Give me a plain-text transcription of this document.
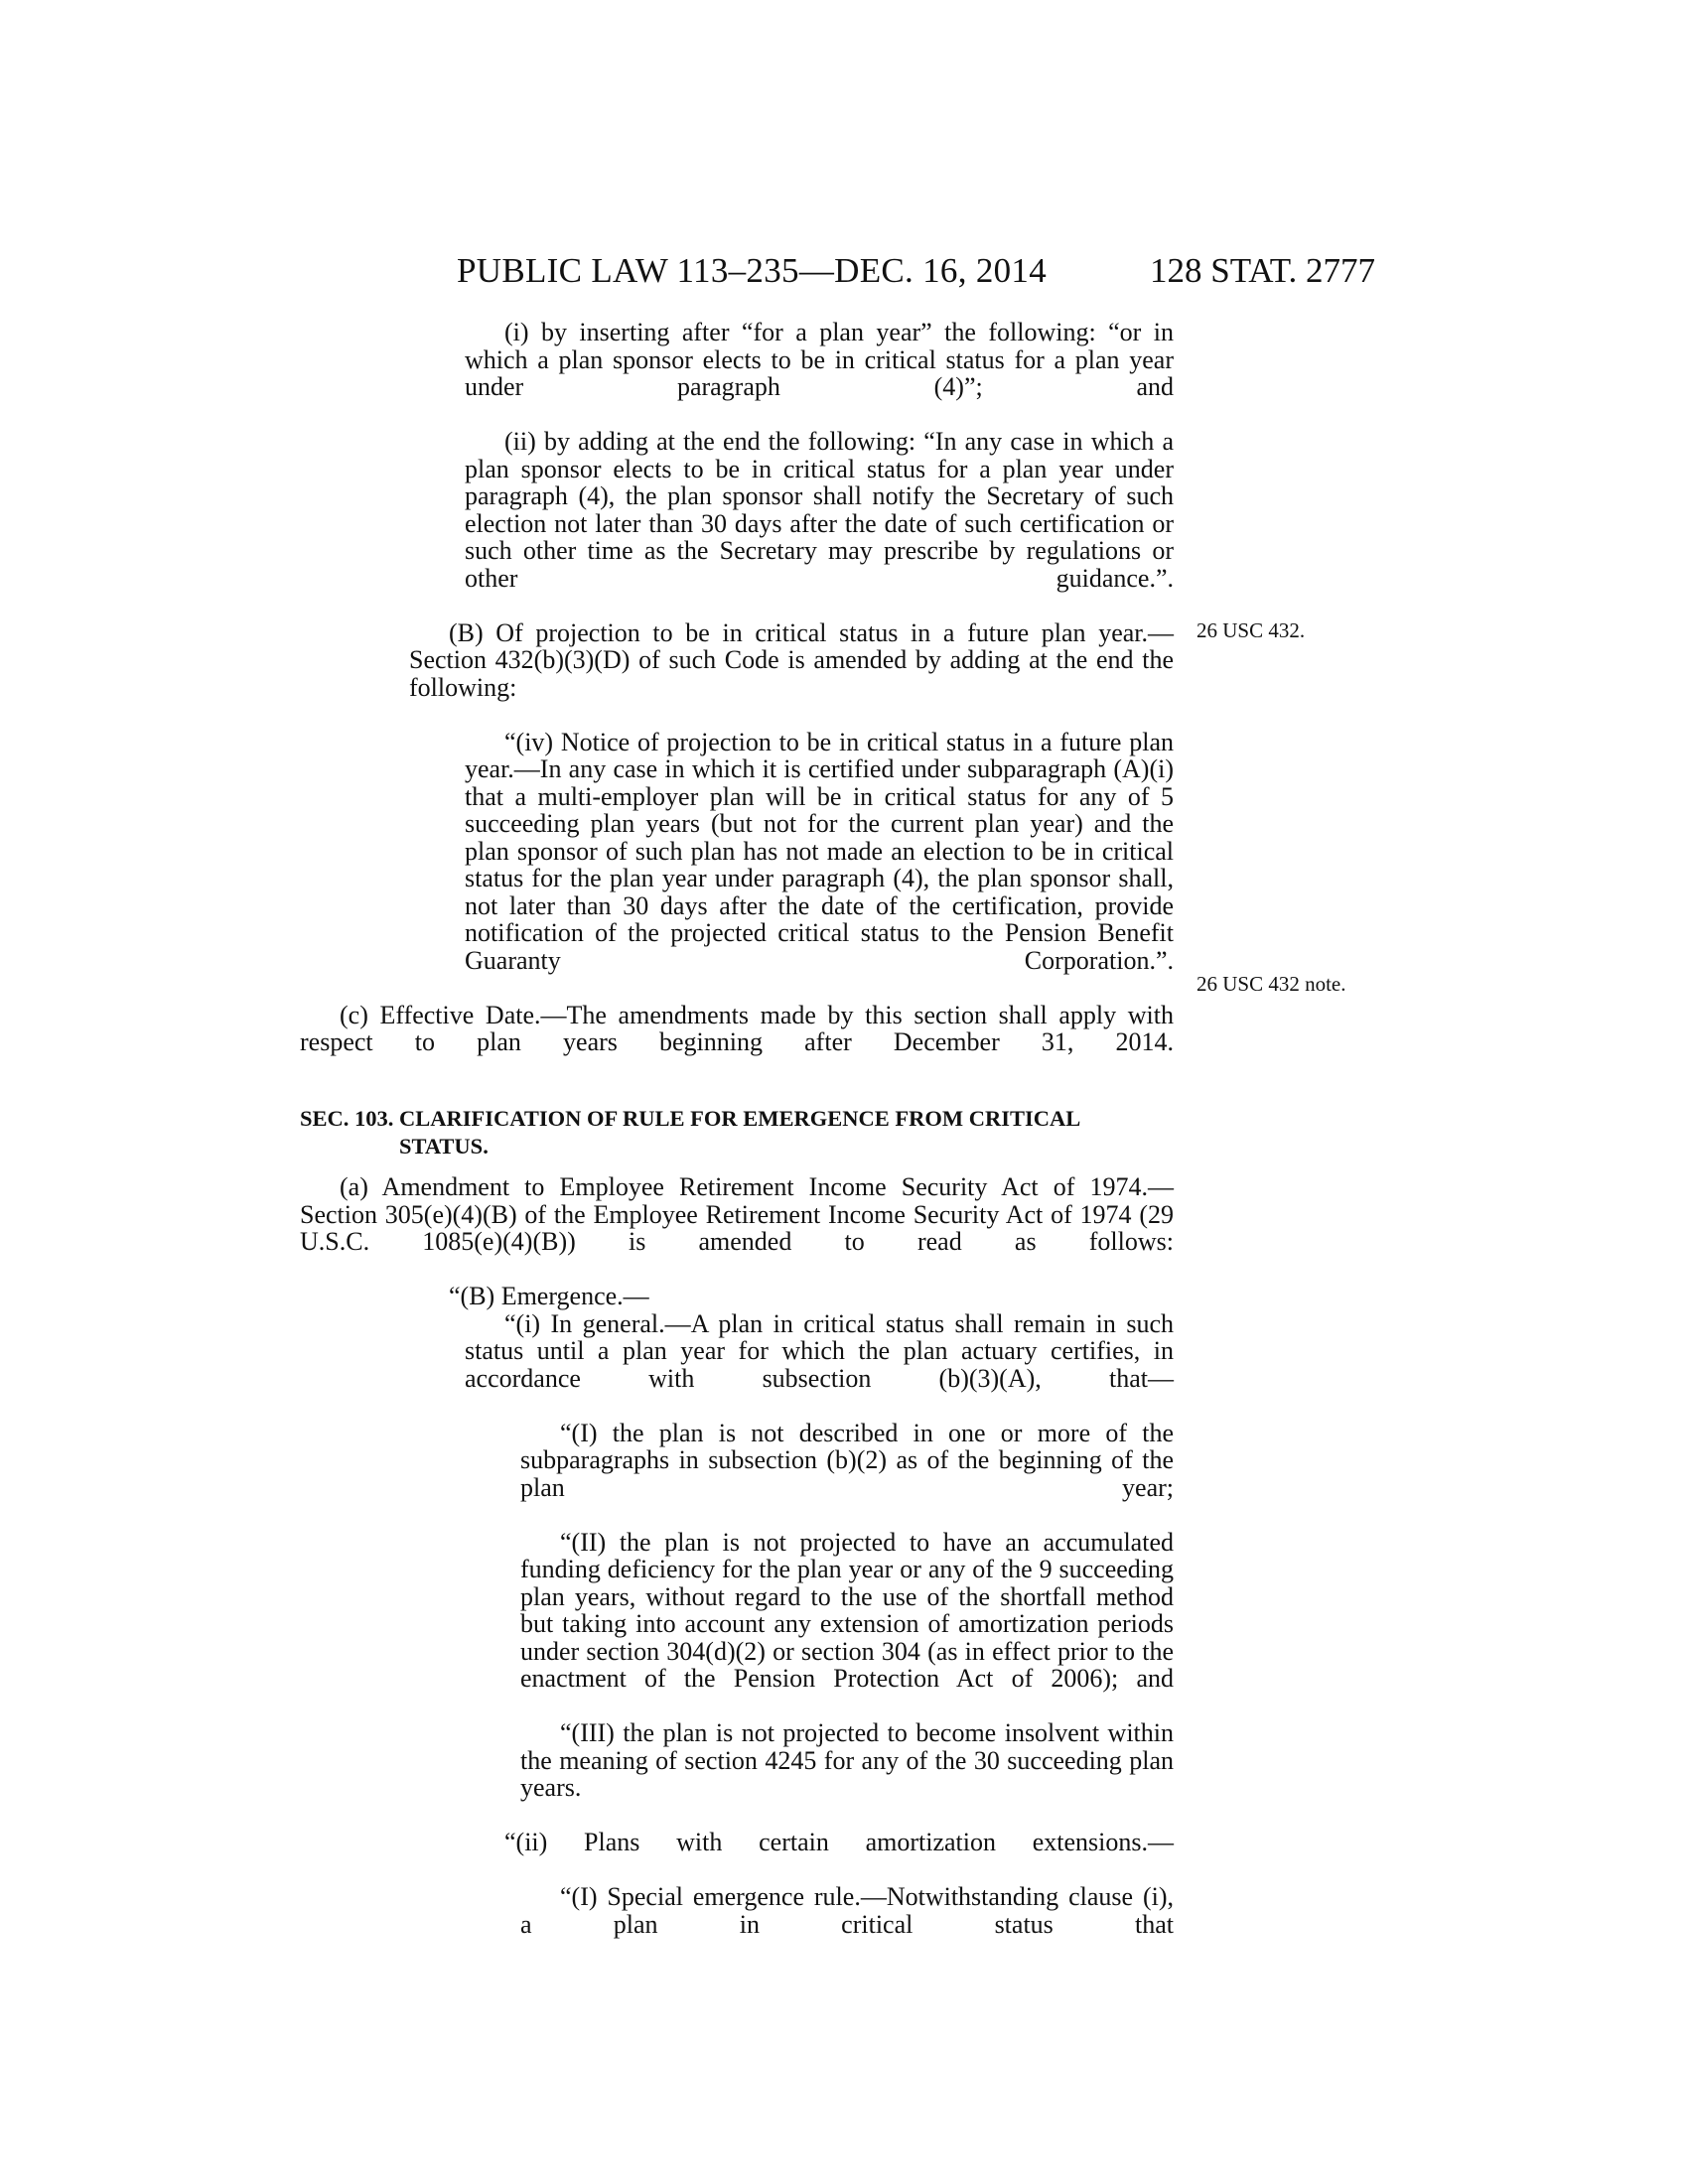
PUBLIC LAW 113–235—DEC. 16, 2014	128 STAT. 2777

(i) by inserting after “for a plan year” the following: “or in which a plan sponsor elects to be in critical status for a plan year under paragraph (4)”; and

(ii) by adding at the end the following: “In any case in which a plan sponsor elects to be in critical status for a plan year under paragraph (4), the plan sponsor shall notify the Secretary of such election not later than 30 days after the date of such certification or such other time as the Secretary may prescribe by regulations or other guidance.”.

(B) Of projection to be in critical status in a future plan year.—Section 432(b)(3)(D) of such Code is amended by adding at the end the following:

“(iv) Notice of projection to be in critical status in a future plan year.—In any case in which it is certified under subparagraph (A)(i) that a multi-employer plan will be in critical status for any of 5 succeeding plan years (but not for the current plan year) and the plan sponsor of such plan has not made an election to be in critical status for the plan year under paragraph (4), the plan sponsor shall, not later than 30 days after the date of the certification, provide notification of the projected critical status to the Pension Benefit Guaranty Corporation.”.

(c) Effective Date.—The amendments made by this section shall apply with respect to plan years beginning after December 31, 2014.

SEC. 103. CLARIFICATION OF RULE FOR EMERGENCE FROM CRITICAL STATUS.

(a) Amendment to Employee Retirement Income Security Act of 1974.—Section 305(e)(4)(B) of the Employee Retirement Income Security Act of 1974 (29 U.S.C. 1085(e)(4)(B)) is amended to read as follows:

“(B) Emergence.—

“(i) In general.—A plan in critical status shall remain in such status until a plan year for which the plan actuary certifies, in accordance with subsection (b)(3)(A), that—

“(I) the plan is not described in one or more of the subparagraphs in subsection (b)(2) as of the beginning of the plan year;

“(II) the plan is not projected to have an accumulated funding deficiency for the plan year or any of the 9 succeeding plan years, without regard to the use of the shortfall method but taking into account any extension of amortization periods under section 304(d)(2) or section 304 (as in effect prior to the enactment of the Pension Protection Act of 2006); and

“(III) the plan is not projected to become insolvent within the meaning of section 4245 for any of the 30 succeeding plan years.

“(ii) Plans with certain amortization extensions.—

“(I) Special emergence rule.—Notwithstanding clause (i), a plan in critical status that

26 USC 432.
26 USC 432 note.
